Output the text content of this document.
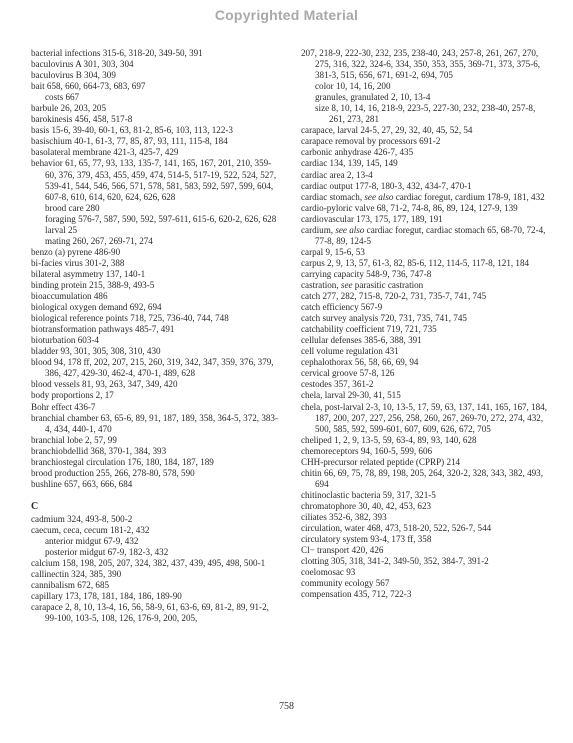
Copyrighted Material
bacterial infections 315-6, 318-20, 349-50, 391
baculovirus A 301, 303, 304
baculovirus B 304, 309
bait 658, 660, 664-73, 683, 697
costs 667
barbule 26, 203, 205
barokinesis 456, 458, 517-8
basis 15-6, 39-40, 60-1, 63, 81-2, 85-6, 103, 113, 122-3
basischium 40-1, 61-3, 77, 85, 87, 93, 111, 115-8, 184
basolateral membrane 421-3, 425-7, 429
behavior 61, 65, 77, 93, 133, 135-7, 141, 165, 167, 201, 210, 359-60, 376, 379, 453, 455, 459, 474, 514-5, 517-19, 522, 524, 527, 539-41, 544, 546, 566, 571, 578, 581, 583, 592, 597, 599, 604, 607-8, 610, 614, 620, 624, 626, 628
brood care 280
foraging 576-7, 587, 590, 592, 597-611, 615-6, 620-2, 626, 628
larval 25
mating 260, 267, 269-71, 274
benzo (a) pyrene 486-90
bi-facies virus 301-2, 388
bilateral asymmetry 137, 140-1
binding protein 215, 388-9, 493-5
bioaccumulation 486
biological oxygen demand 692, 694
biological reference points 718, 725, 736-40, 744, 748
biotransformation pathways 485-7, 491
bioturbation 603-4
bladder 93, 301, 305, 308, 310, 430
blood 94, 178 ff, 202, 207, 215, 260, 319, 342, 347, 359, 376, 379, 386, 427, 429-30, 462-4, 470-1, 489, 628
blood vessels 81, 93, 263, 347, 349, 420
body proportions 2, 17
Bohr effect 436-7
branchial chamber 63, 65-6, 89, 91, 187, 189, 358, 364-5, 372, 383-4, 434, 440-1, 470
branchial lobe 2, 57, 99
branchiobdellid 368, 370-1, 384, 393
branchiostegal circulation 176, 180, 184, 187, 189
brood production 255, 266, 278-80, 578, 590
bushline 657, 663, 666, 684
C
cadmium 324, 493-8, 500-2
caecum, ceca, cecum 181-2, 432
anterior midgut 67-9, 432
posterior midgut 67-9, 182-3, 432
calcium 158, 198, 205, 207, 324, 382, 437, 439, 495, 498, 500-1
callinectin 324, 385, 390
cannibalism 672, 685
capillary 173, 178, 181, 184, 186, 189-90
carapace 2, 8, 10, 13-4, 16, 56, 58-9, 61, 63-6, 69, 81-2, 89, 91-2, 99-100, 103-5, 108, 126, 176-9, 200, 205,
207, 218-9, 222-30, 232, 235, 238-40, 243, 257-8, 261, 267, 270, 275, 316, 322, 324-6, 334, 350, 353, 355, 369-71, 373, 375-6, 381-3, 515, 656, 671, 691-2, 694, 705
color 10, 14, 16, 200
granules, granulated 2, 10, 13-4
size 8, 10, 14, 16, 218-9, 223-5, 227-30, 232, 238-40, 257-8, 261, 273, 281
carapace, larval 24-5, 27, 29, 32, 40, 45, 52, 54
carapace removal by processors 691-2
carbonic anhydrase 426-7, 435
cardiac 134, 139, 145, 149
cardiac area 2, 13-4
cardiac output 177-8, 180-3, 432, 434-7, 470-1
cardiac stomach, see also cardiac foregut, cardium 178-9, 181, 432
cardio-pyloric valve 68, 71-2, 74-8, 86, 89, 124, 127-9, 139
cardiovascular 173, 175, 177, 189, 191
cardium, see also cardiac foregut, cardiac stomach 65, 68-70, 72-4, 77-8, 89, 124-5
carpal 9, 15-6, 53
carpus 2, 9, 13, 57, 61-3, 82, 85-6, 112, 114-5, 117-8, 121, 184
carrying capacity 548-9, 736, 747-8
castration, see parasitic castration
catch 277, 282, 715-8, 720-2, 731, 735-7, 741, 745
catch efficiency 567-9
catch survey analysis 720, 731, 735, 741, 745
catchability coefficient 719, 721, 735
cellular defenses 385-6, 388, 391
cell volume regulation 431
cephalothorax 56, 58, 66, 69, 94
cervical groove 57-8, 126
cestodes 357, 361-2
chela, larval 29-30, 41, 515
chela, post-larval 2-3, 10, 13-5, 17, 59, 63, 137, 141, 165, 167, 184, 187, 200, 207, 227, 256, 258, 260, 267, 269-70, 272, 274, 432, 500, 585, 592, 599-601, 607, 609, 626, 672, 705
cheliped 1, 2, 9, 13-5, 59, 63-4, 89, 93, 140, 628
chemoreceptors 94, 160-5, 599, 606
CHH-precursor related peptide (CPRP) 214
chitin 66, 69, 75, 78, 89, 198, 205, 264, 320-2, 328, 343, 382, 493, 694
chitinoclastic bacteria 59, 317, 321-5
chromatophore 30, 40, 42, 453, 623
ciliates 352-6, 382, 393
circulation, water 468, 473, 518-20, 522, 526-7, 544
circulatory system 93-4, 173 ff, 358
Cl− transport 420, 426
clotting 305, 318, 341-2, 349-50, 352, 384-7, 391-2
coelomosac 93
community ecology 567
compensation 435, 712, 722-3
758
